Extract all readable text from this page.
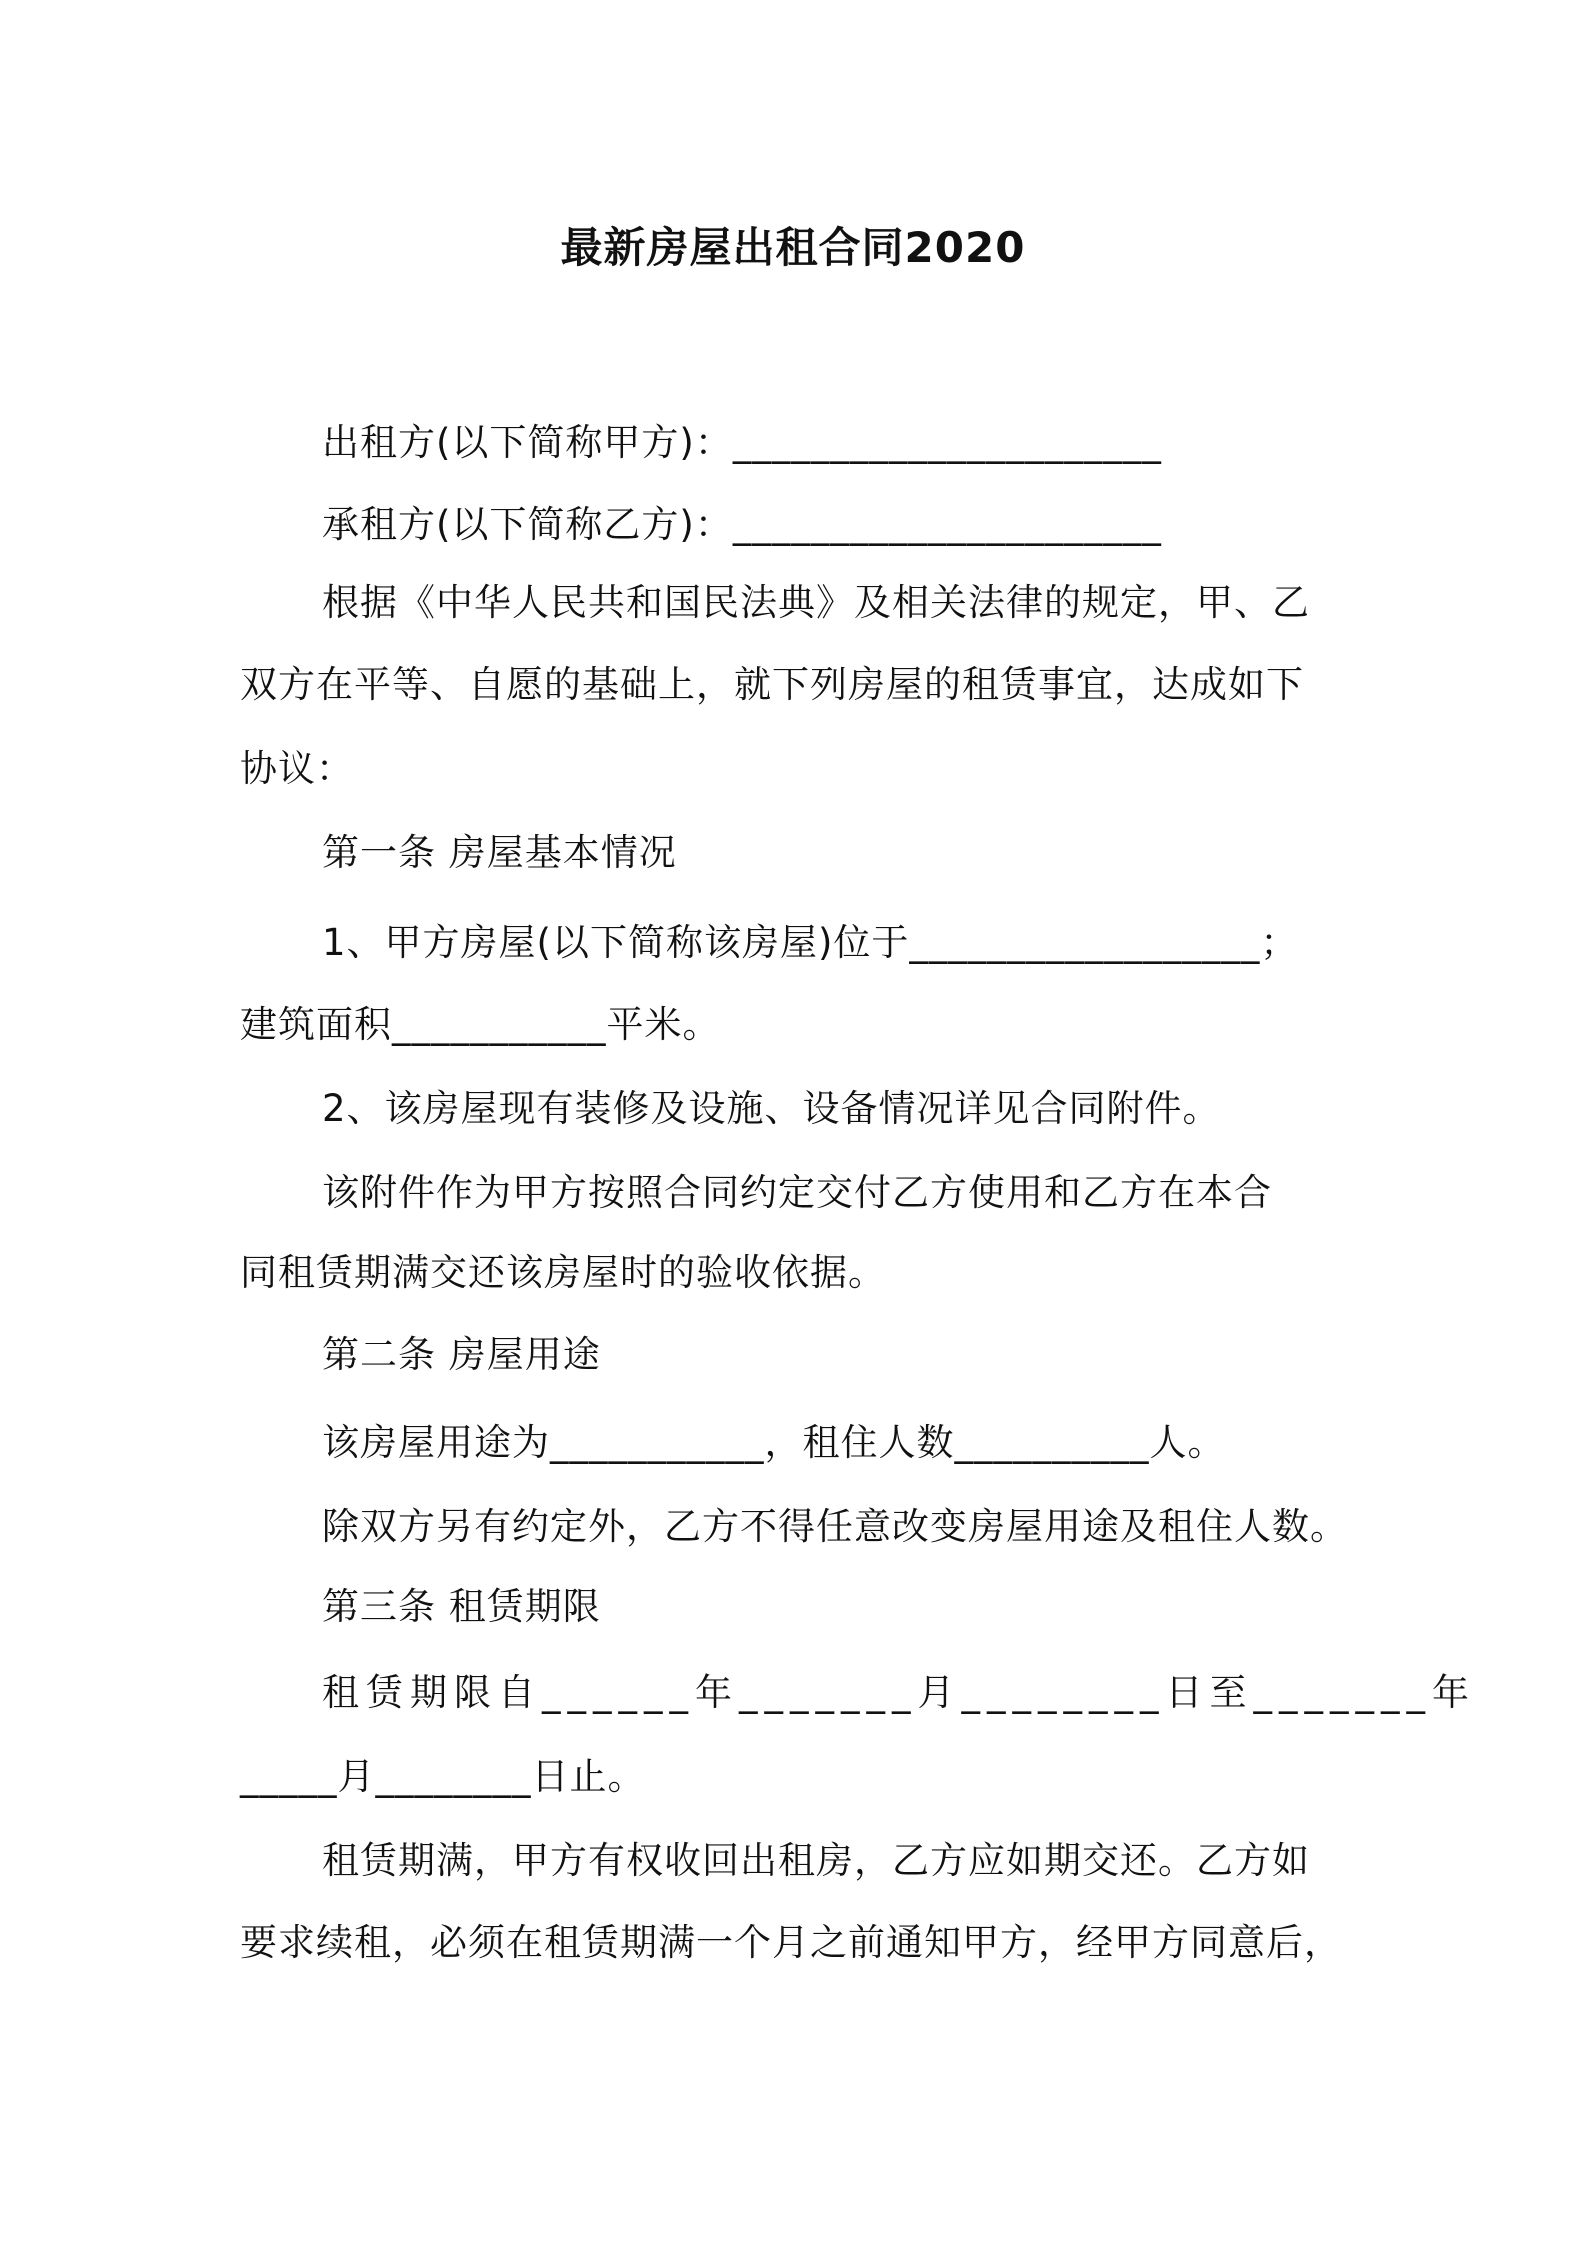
最新房屋出租合同2020
出租方(以下简称甲方)：______________________
承租方(以下简称乙方)：______________________
根据《中华人民共和国民法典》及相关法律的规定，甲、乙
双方在平等、自愿的基础上，就下列房屋的租赁事宜，达成如下
协议：
第一条 房屋基本情况
1、甲方房屋(以下简称该房屋)位于__________________；
建筑面积___________平米。
2、该房屋现有装修及设施、设备情况详见合同附件。
该附件作为甲方按照合同约定交付乙方使用和乙方在本合
同租赁期满交还该房屋时的验收依据。
第二条 房屋用途
该房屋用途为___________，租住人数__________人。
除双方另有约定外，乙方不得任意改变房屋用途及租住人数。
第三条 租赁期限
租赁期限自______年_______月________日至_______年
_____月________日止。
租赁期满，甲方有权收回出租房，乙方应如期交还。乙方如
要求续租，必须在租赁期满一个月之前通知甲方，经甲方同意后，
